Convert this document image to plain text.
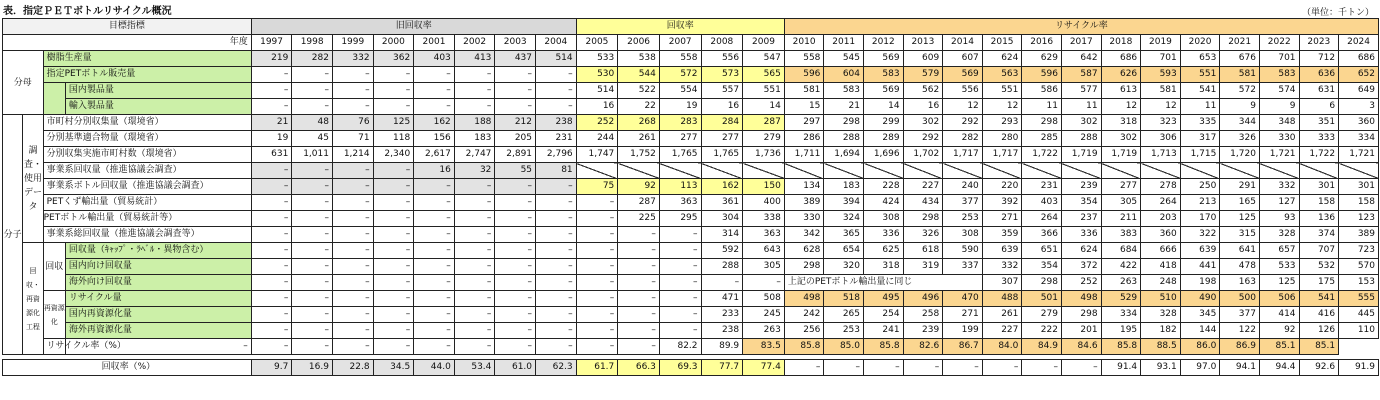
表．指定ＰＥＴボトルリサイクル概況	（単位：千トン）
目標指標				旧回収率								回収率					リサイクル率														
年度				1997	1998	1999	2000	2001	2002	2003	2004	2005	2006	2007	2008	2009	2010	2011	2012	2013	2014	2015	2016	2017	2018	2019	2020	2021	2022	2023	2024
分母		樹脂生産量		219	282	332	362	403	413	437	514	533	538	558	556	547	558	545	569	609	607	624	629	642	686	701	653	676	701	712	686
		指定PETボトル販売量		–	–	–	–	–	–	–	–	530	544	572	573	565	596	604	583	579	569	563	596	587	626	593	551	581	583	636	652
			国内製品量	–	–	–	–	–	–	–	–	514	522	554	557	551	581	583	569	562	556	551	586	577	613	581	541	572	574	631	649
			輸入製品量	–	–	–	–	–	–	–	–	16	22	19	16	14	15	21	14	16	12	12	11	11	12	12	11	9	9	6	3
分子	調査・使用データ	市町村分別収集量（環境省）		21	48	76	125	162	188	212	238	252	268	283	284	287	297	298	299	302	292	293	298	302	318	323	335	344	348	351	360
		分別基準適合物量（環境省）		19	45	71	118	156	183	205	231	244	261	277	277	279	286	288	289	292	282	280	285	288	302	306	317	326	330	333	334
		分別収集実施市町村数（環境省）		631	1,011	1,214	2,340	2,617	2,747	2,891	2,796	1,747	1,752	1,765	1,765	1,736	1,711	1,694	1,696	1,702	1,717	1,717	1,722	1,719	1,719	1,713	1,715	1,720	1,721	1,722	1,721
		事業系回収量（推進協議会調査）		–	–	–	–	16	32	55	81																				
		事業系ボトル回収量（推進協議会調査）		–	–	–	–	–	–	–	–	75	92	113	162	150	134	183	228	227	240	220	231	239	277	278	250	291	332	301	301
		PETくず輸出量（貿易統計）		–	–	–	–	–	–	–	–	–	287	363	361	400	389	394	424	434	377	392	403	354	305	264	213	165	127	158	158
		PETボトル輸出量（貿易統計等）		–	–	–	–	–	–	–	–	–	225	295	304	338	330	324	308	298	253	271	264	237	211	203	170	125	93	136	123
		事業系総回収量（推進協議会調査等）		–	–	–	–	–	–	–	–	–	–	–	314	363	342	365	336	326	308	359	366	336	383	360	322	315	328	374	389
	回収・再資源化工程	回収	回収量（ｷｬｯﾌﾟ・ﾗﾍﾞﾙ・異物含む）	–	–	–	–	–	–	–	–	–	–	–	592	643	628	654	625	618	590	639	651	624	684	666	639	641	657	707	723
			国内向け回収量	–	–	–	–	–	–	–	–	–	–	–	288	305	298	320	318	319	337	332	354	372	422	418	441	478	533	532	570
			海外向け回収量	–	–	–	–	–	–	–	–	–	–	–	–	–	上記のPETボトル輸出量に同じ					307	298	252	263	248	198	163	125	175	153
		再資源化	リサイクル量	–	–	–	–	–	–	–	–	–	–	–	471	508	498	518	495	496	470	488	501	498	529	510	490	500	506	541	555
			国内再資源化量	–	–	–	–	–	–	–	–	–	–	–	233	245	242	265	254	258	271	261	279	298	334	328	345	377	414	416	445
			海外再資源化量	–	–	–	–	–	–	–	–	–	–	–	238	263	256	253	241	239	199	227	222	201	195	182	144	122	92	126	110
		リサイクル率（%）	–	–	–	–	–	–	–	–	–	–	–	82.2	89.9	83.5	85.8	85.0	85.8	82.6	86.7	84.0	84.9	84.6	85.8	88.5	86.0	86.9	85.1	85.1	

回収率（%）				9.7	16.9	22.8	34.5	44.0	53.4	61.0	62.3	61.7	66.3	69.3	77.7	77.4	–	–	–	–	–	–	–	–	91.4	93.1	97.0	94.1	94.4	92.6	91.9
